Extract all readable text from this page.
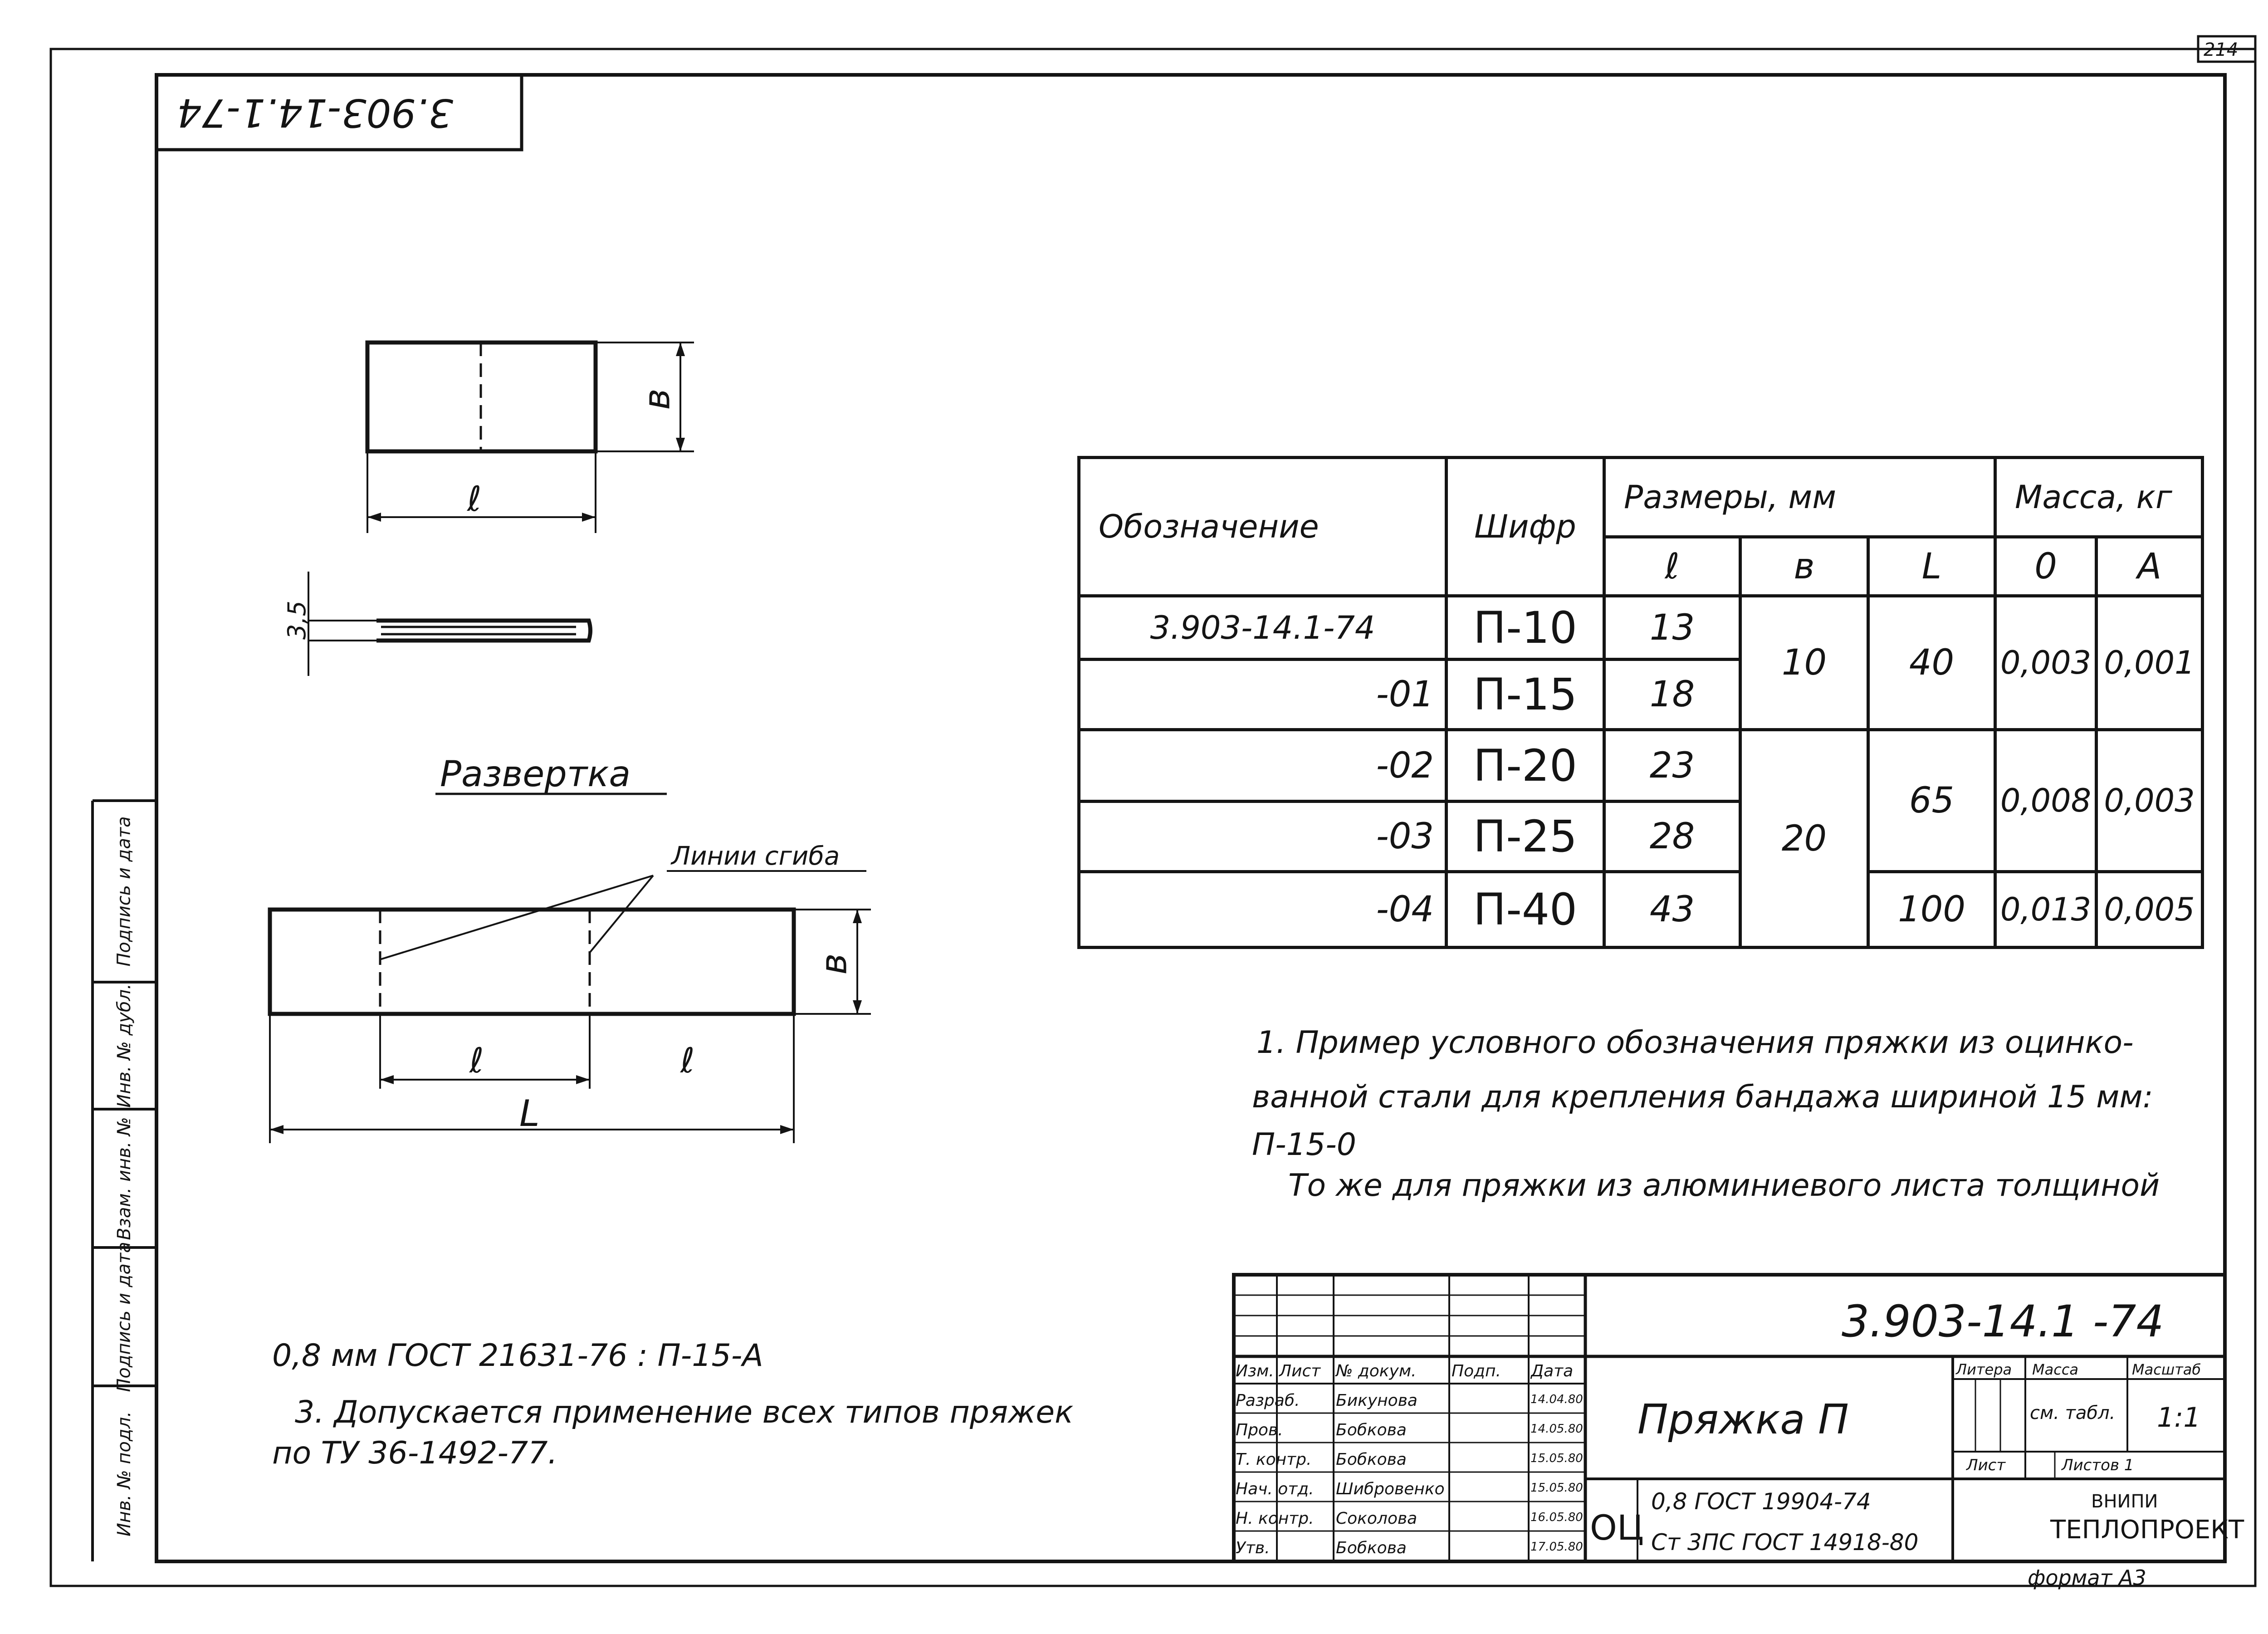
214
3.903-14.1-74
формат А3
в
ℓ
3,5
Развертка
Линии сгиба
в
ℓ	ℓ
L
Обозначение	Шифр	Размеры, мм			Масса, кг	
		ℓ	в	L	0	А
3.903-14.1-74	П-10	13	10	40	0,003	0,001
-01	П-15	18				
-02	П-20	23	20	65	0,008	0,003
-03	П-25	28				
-04	П-40	43		100	0,013	0,005
1. Пример условного обозначения пряжки из оцинко-
ванной стали для крепления бандажа шириной 15 мм:
П-15-0
То же для пряжки из алюминиевого листа толщиной
0,8 мм ГОСТ 21631-76 : П-15-А
3. Допускается применение всех типов пряжек
по ТУ 36-1492-77.
Инв. № подл.
Подпись и дата
Взам. инв. №
Инв. № дубл.
Подпись и дата
3.903-14.1 -74
Пряжка П
ОЦ
0,8 ГОСТ 19904-74
Ст 3ПС ГОСТ 14918-80
Изм. Лист № докум. Подп. Дата
Разраб. Бикунова	14.04.80
Пров.	Бобкова	14.05.80
Т. контр. Бобкова	15.05.80
Нач. отд. Шибровенко	15.05.80
Н. контр. Соколова	16.05.80
Утв.	Бобкова	17.05.80
Литера Масса
см. табл.
Масштаб
1:1
Лист	Листов 1
ВНИПИ
ТЕПЛОПРОЕКТ
